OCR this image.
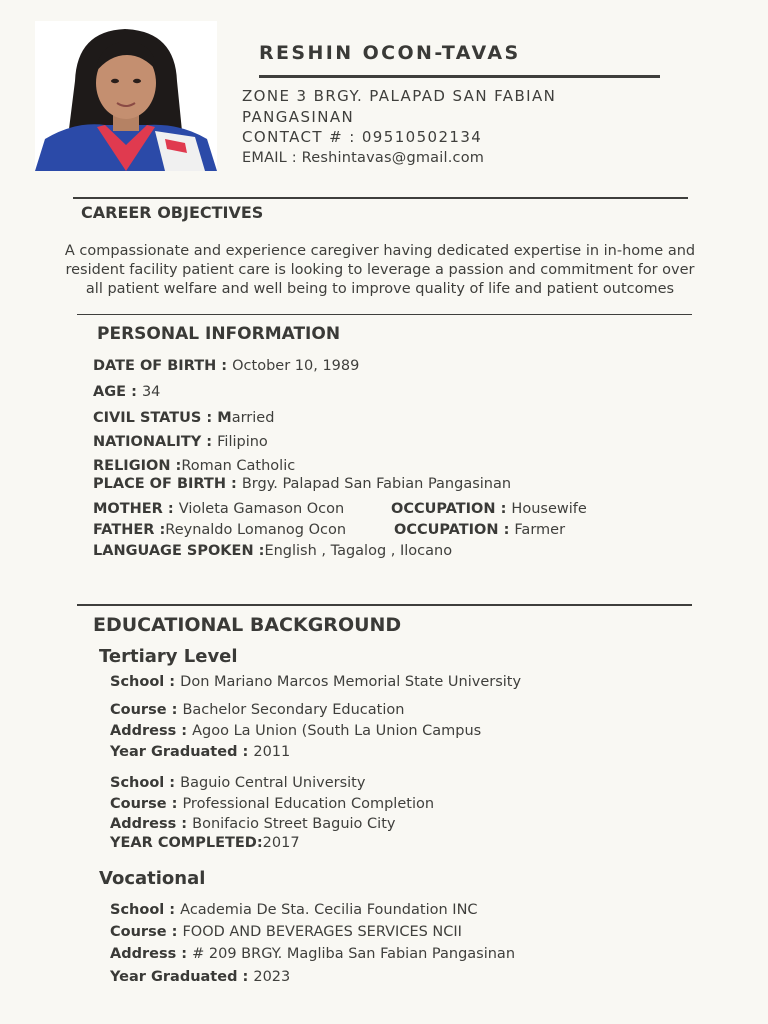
RESHIN OCON-TAVAS
ZONE 3 BRGY. PALAPAD SAN FABIAN
PANGASINAN
CONTACT # : 09510502134
EMAIL : Reshintavas@gmail.com
CAREER OBJECTIVES
A compassionate and experience caregiver having dedicated expertise in in-home and resident facility patient care is looking to leverage a passion and commitment for over all patient welfare and well being to improve quality of life and patient outcomes
PERSONAL INFORMATION
DATE OF BIRTH : October 10, 1989
AGE : 34
CIVIL STATUS : Married
NATIONALITY : Filipino
RELIGION :Roman Catholic
PLACE OF BIRTH : Brgy. Palapad San Fabian Pangasinan
MOTHER : Violeta Gamason Ocon	OCCUPATION : Housewife
FATHER :Reynaldo Lomanog Ocon	OCCUPATION : Farmer
LANGUAGE SPOKEN :English , Tagalog , Ilocano
EDUCATIONAL BACKGROUND
Tertiary Level
School : Don Mariano Marcos Memorial State University
Course : Bachelor Secondary Education
Address : Agoo La Union (South La Union Campus
Year Graduated : 2011
School : Baguio Central University
Course : Professional Education Completion
Address : Bonifacio Street Baguio City
YEAR COMPLETED:2017
Vocational
School : Academia De Sta. Cecilia Foundation INC
Course : FOOD AND BEVERAGES SERVICES NCII
Address : # 209 BRGY. Magliba San Fabian Pangasinan
Year Graduated : 2023
